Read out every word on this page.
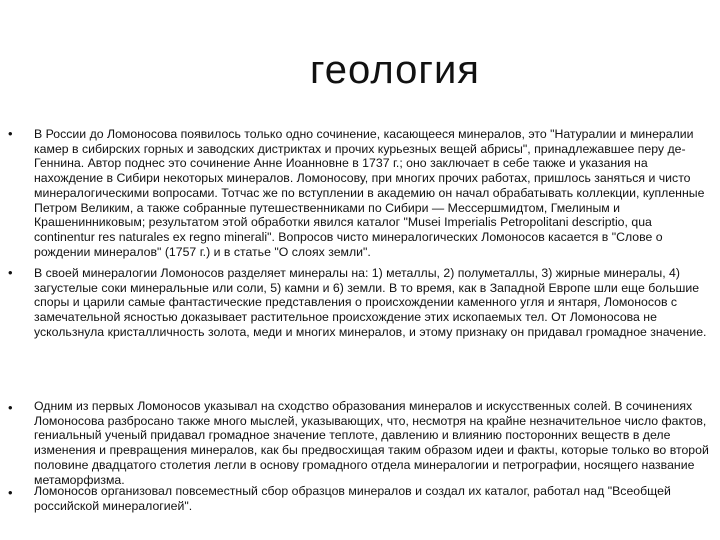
геология
• В России до Ломоносова появилось только одно сочинение, касающееся минералов, это "Натуралии и минералии камер в сибирских горных и заводских дистриктах и прочих курьезных вещей абрисы", принадлежавшее перу де-Геннина. Автор поднес это сочинение Анне Иоанновне в 1737 г.; оно заключает в себе также и указания на нахождение в Сибири некоторых минералов. Ломоносову, при многих прочих работах, пришлось заняться и чисто минералогическими вопросами. Тотчас же по вступлении в академию он начал обрабатывать коллекции, купленные Петром Великим, а также собранные путешественниками по Сибири — Мессершмидтом, Гмелиным и Крашенинниковым; результатом этой обработки явился каталог "Musei Imperialis Petropolitani descriptio, qua continentur res naturales ex regno minerali". Вопросов чисто минералогических Ломоносов касается в "Слове о рождении минералов" (1757 г.) и в статье "О слоях земли".

• В своей минералогии Ломоносов разделяет минералы на: 1) металлы, 2) полуметаллы, 3) жирные минералы, 4) загустелые соки минеральные или соли, 5) камни и 6) земли. В то время, как в Западной Европе шли еще большие споры и царили самые фантастические представления о происхождении каменного угля и янтаря, Ломоносов с замечательной ясностью доказывает растительное происхождение этих ископаемых тел. От Ломоносова не ускользнула кристалличность золота, меди и многих минералов, и этому признаку он придавал громадное значение.

• Одним из первых Ломоносов указывал на сходство образования минералов и искусственных солей. В сочинениях Ломоносова разбросано также много мыслей, указывающих, что, несмотря на крайне незначительное число фактов, гениальный ученый придавал громадное значение теплоте, давлению и влиянию посторонних веществ в деле изменения и превращения минералов, как бы предвосхищая таким образом идеи и факты, которые только во второй половине двадцатого столетия легли в основу громадного отдела минералогии и петрографии, носящего название метаморфизма.

• Ломоносов организовал повсеместный сбор образцов минералов и создал их каталог, работал над "Всеобщей российской минералогией".
